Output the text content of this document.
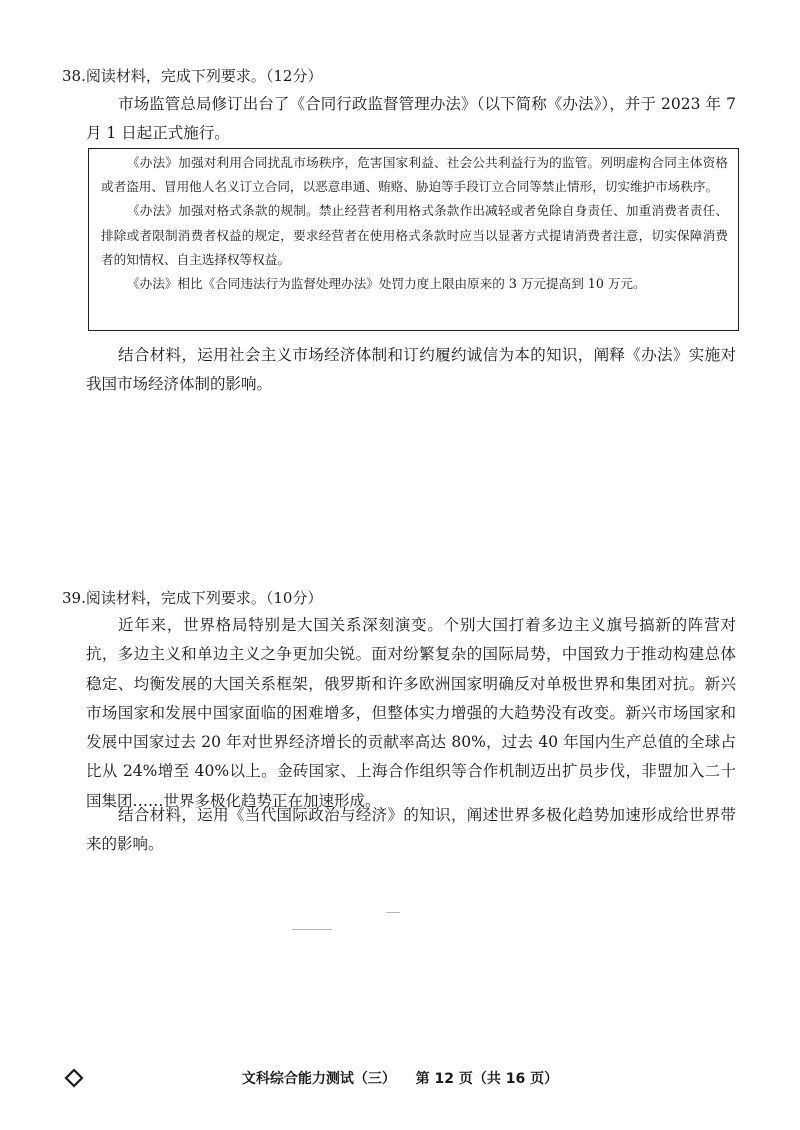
38.阅读材料，完成下列要求。（12分）

市场监管总局修订出台了《合同行政监督管理办法》（以下简称《办法》），并于 2023 年 7 月 1 日起正式施行。

《办法》加强对利用合同扰乱市场秩序，危害国家利益、社会公共利益行为的监管。列明虚构合同主体资格或者盗用、冒用他人名义订立合同，以恶意串通、贿赂、胁迫等手段订立合同等禁止情形，切实维护市场秩序。

《办法》加强对格式条款的规制。禁止经营者利用格式条款作出减轻或者免除自身责任、加重消费者责任、排除或者限制消费者权益的规定，要求经营者在使用格式条款时应当以显著方式提请消费者注意，切实保障消费者的知情权、自主选择权等权益。

《办法》相比《合同违法行为监督处理办法》处罚力度上限由原来的 3 万元提高到 10 万元。

结合材料，运用社会主义市场经济体制和订约履约诚信为本的知识，阐释《办法》实施对我国市场经济体制的影响。

39.阅读材料，完成下列要求。（10分）

近年来，世界格局特别是大国关系深刻演变。个别大国打着多边主义旗号搞新的阵营对抗，多边主义和单边主义之争更加尖锐。面对纷繁复杂的国际局势，中国致力于推动构建总体稳定、均衡发展的大国关系框架，俄罗斯和许多欧洲国家明确反对单极世界和集团对抗。新兴市场国家和发展中国家面临的困难增多，但整体实力增强的大趋势没有改变。新兴市场国家和发展中国家过去 20 年对世界经济增长的贡献率高达 80%，过去 40 年国内生产总值的全球占比从 24%增至 40%以上。金砖国家、上海合作组织等合作机制迈出扩员步伐，非盟加入二十国集团……世界多极化趋势正在加速形成。

结合材料，运用《当代国际政治与经济》的知识，阐述世界多极化趋势加速形成给世界带来的影响。

文科综合能力测试（三） 第 12 页（共 16 页）
